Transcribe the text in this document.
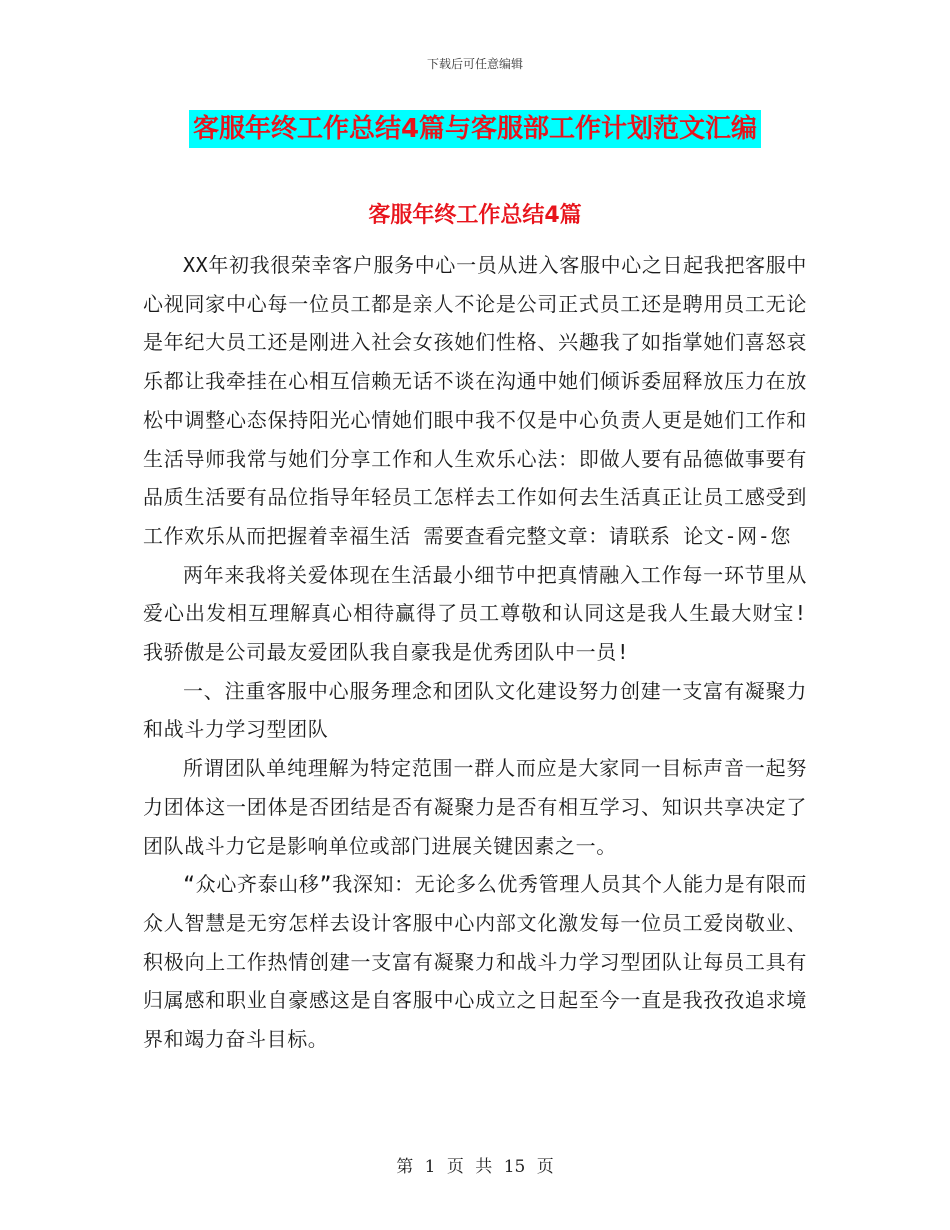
下载后可任意编辑
客服年终工作总结4篇与客服部工作计划范文汇编
客服年终工作总结4篇

XX年初我很荣幸客户服务中心一员从进入客服中心之日起我把客服中心视同家中心每一位员工都是亲人不论是公司正式员工还是聘用员工无论是年纪大员工还是刚进入社会女孩她们性格、兴趣我了如指掌她们喜怒哀乐都让我牵挂在心相互信赖无话不谈在沟通中她们倾诉委屈释放压力在放松中调整心态保持阳光心情她们眼中我不仅是中心负责人更是她们工作和生活导师我常与她们分享工作和人生欢乐心法：即做人要有品德做事要有品质生活要有品位指导年轻员工怎样去工作如何去生活真正让员工感受到工作欢乐从而把握着幸福生活 需要查看完整文章：请联系 论文-网-您

两年来我将关爱体现在生活最小细节中把真情融入工作每一环节里从爱心出发相互理解真心相待赢得了员工尊敬和认同这是我人生最大财宝!我骄傲是公司最友爱团队我自豪我是优秀团队中一员!

一、注重客服中心服务理念和团队文化建设努力创建一支富有凝聚力和战斗力学习型团队

所谓团队单纯理解为特定范围一群人而应是大家同一目标声音一起努力团体这一团体是否团结是否有凝聚力是否有相互学习、知识共享决定了团队战斗力它是影响单位或部门进展关键因素之一。

“众心齐泰山移”我深知：无论多么优秀管理人员其个人能力是有限而众人智慧是无穷怎样去设计客服中心内部文化激发每一位员工爱岗敬业、积极向上工作热情创建一支富有凝聚力和战斗力学习型团队让每员工具有归属感和职业自豪感这是自客服中心成立之日起至今一直是我孜孜追求境界和竭力奋斗目标。

第 1 页 共 15 页
